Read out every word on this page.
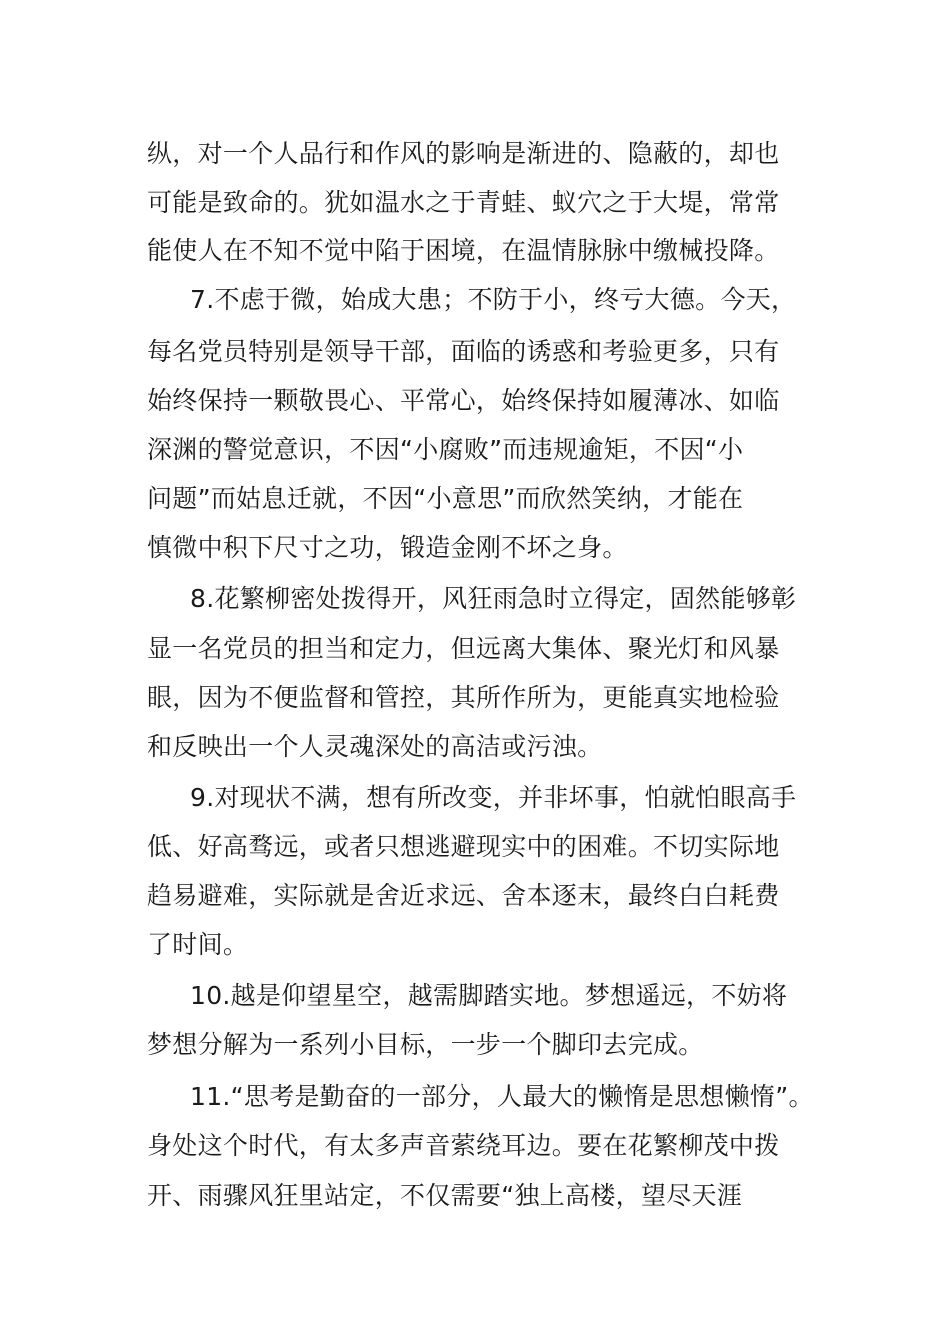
纵，对一个人品行和作风的影响是渐进的、隐蔽的，却也
可能是致命的。犹如温水之于青蛙、蚁穴之于大堤，常常
能使人在不知不觉中陷于困境，在温情脉脉中缴械投降。
7.不虑于微，始成大患；不防于小，终亏大德。今天，
每名党员特别是领导干部，面临的诱惑和考验更多，只有
始终保持一颗敬畏心、平常心，始终保持如履薄冰、如临
深渊的警觉意识，不因“小腐败”而违规逾矩，不因“小
问题”而姑息迁就，不因“小意思”而欣然笑纳，才能在
慎微中积下尺寸之功，锻造金刚不坏之身。
8.花繁柳密处拨得开，风狂雨急时立得定，固然能够彰
显一名党员的担当和定力，但远离大集体、聚光灯和风暴
眼，因为不便监督和管控，其所作所为，更能真实地检验
和反映出一个人灵魂深处的高洁或污浊。
9.对现状不满，想有所改变，并非坏事，怕就怕眼高手
低、好高骛远，或者只想逃避现实中的困难。不切实际地
趋易避难，实际就是舍近求远、舍本逐末，最终白白耗费
了时间。
10.越是仰望星空，越需脚踏实地。梦想遥远，不妨将
梦想分解为一系列小目标，一步一个脚印去完成。
11.“思考是勤奋的一部分，人最大的懒惰是思想懒惰”。
身处这个时代，有太多声音萦绕耳边。要在花繁柳茂中拨
开、雨骤风狂里站定，不仅需要“独上高楼，望尽天涯
